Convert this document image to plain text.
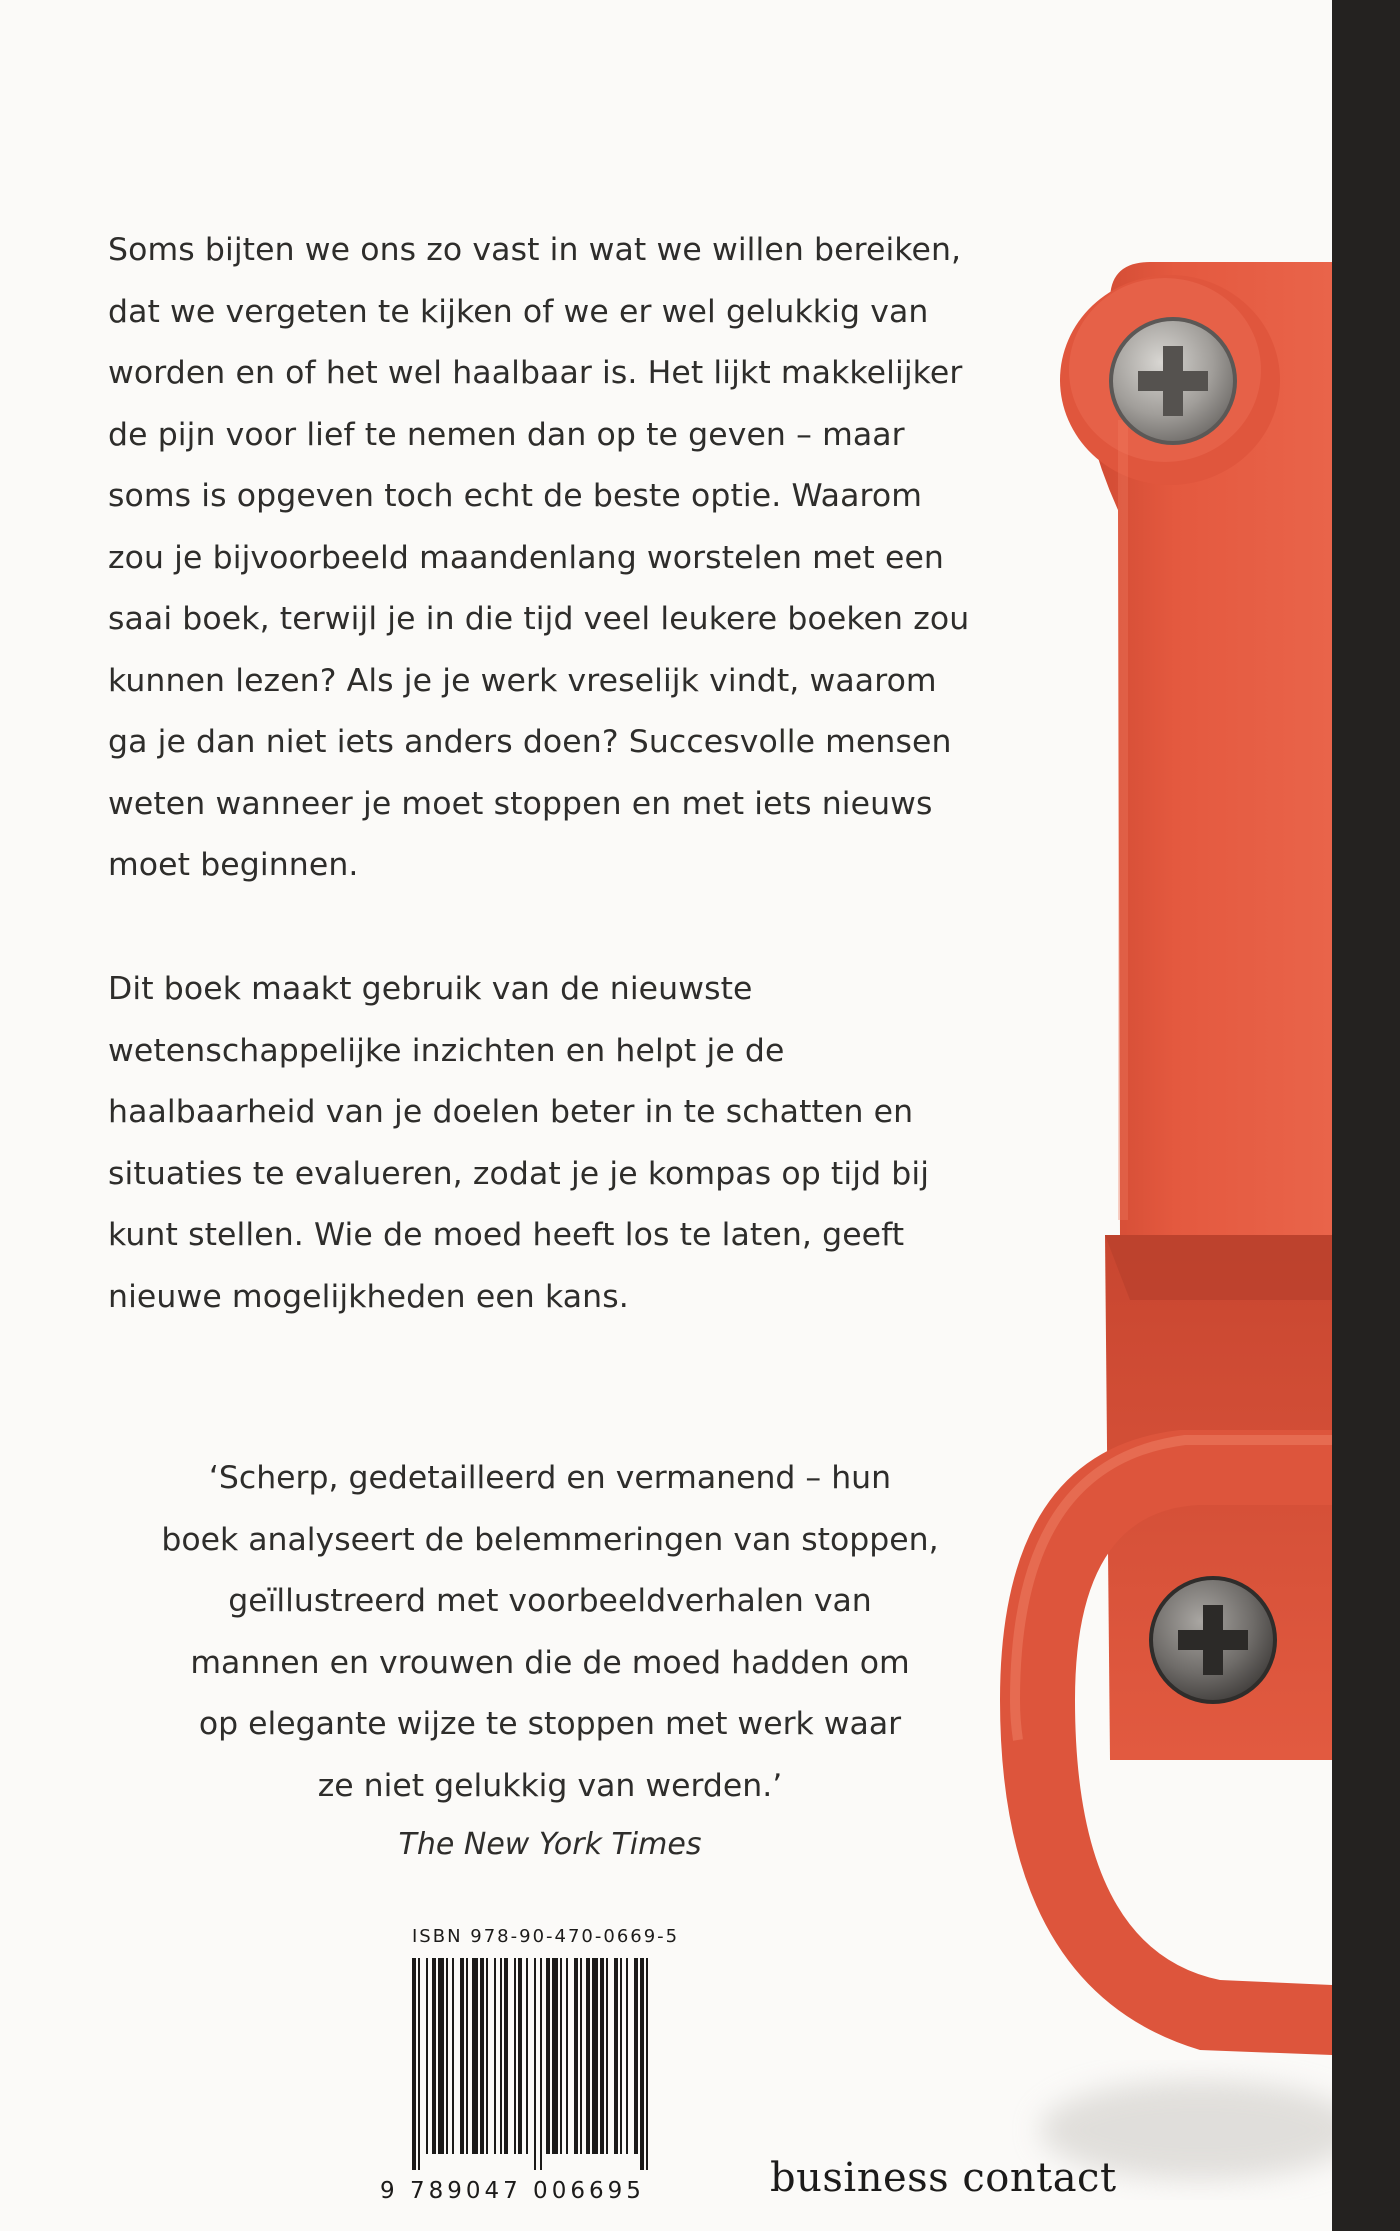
Soms bijten we ons zo vast in wat we willen bereiken,
dat we vergeten te kijken of we er wel gelukkig van
worden en of het wel haalbaar is. Het lijkt makkelijker
de pijn voor lief te nemen dan op te geven – maar
soms is opgeven toch echt de beste optie. Waarom
zou je bijvoorbeeld maandenlang worstelen met een
saai boek, terwijl je in die tijd veel leukere boeken zou
kunnen lezen? Als je je werk vreselijk vindt, waarom
ga je dan niet iets anders doen? Succesvolle mensen
weten wanneer je moet stoppen en met iets nieuws
moet beginnen.
Dit boek maakt gebruik van de nieuwste
wetenschappelijke inzichten en helpt je de
haalbaarheid van je doelen beter in te schatten en
situaties te evalueren, zodat je je kompas op tijd bij
kunt stellen. Wie de moed heeft los te laten, geeft
nieuwe mogelijkheden een kans.
‘Scherp, gedetailleerd en vermanend – hun
boek analyseert de belemmeringen van stoppen,
geïllustreerd met voorbeeldverhalen van
mannen en vrouwen die de moed hadden om
op elegante wijze te stoppen met werk waar
ze niet gelukkig van werden.’
The New York Times
ISBN 978-90-470-0669-5
9 789047 006695	business contact
